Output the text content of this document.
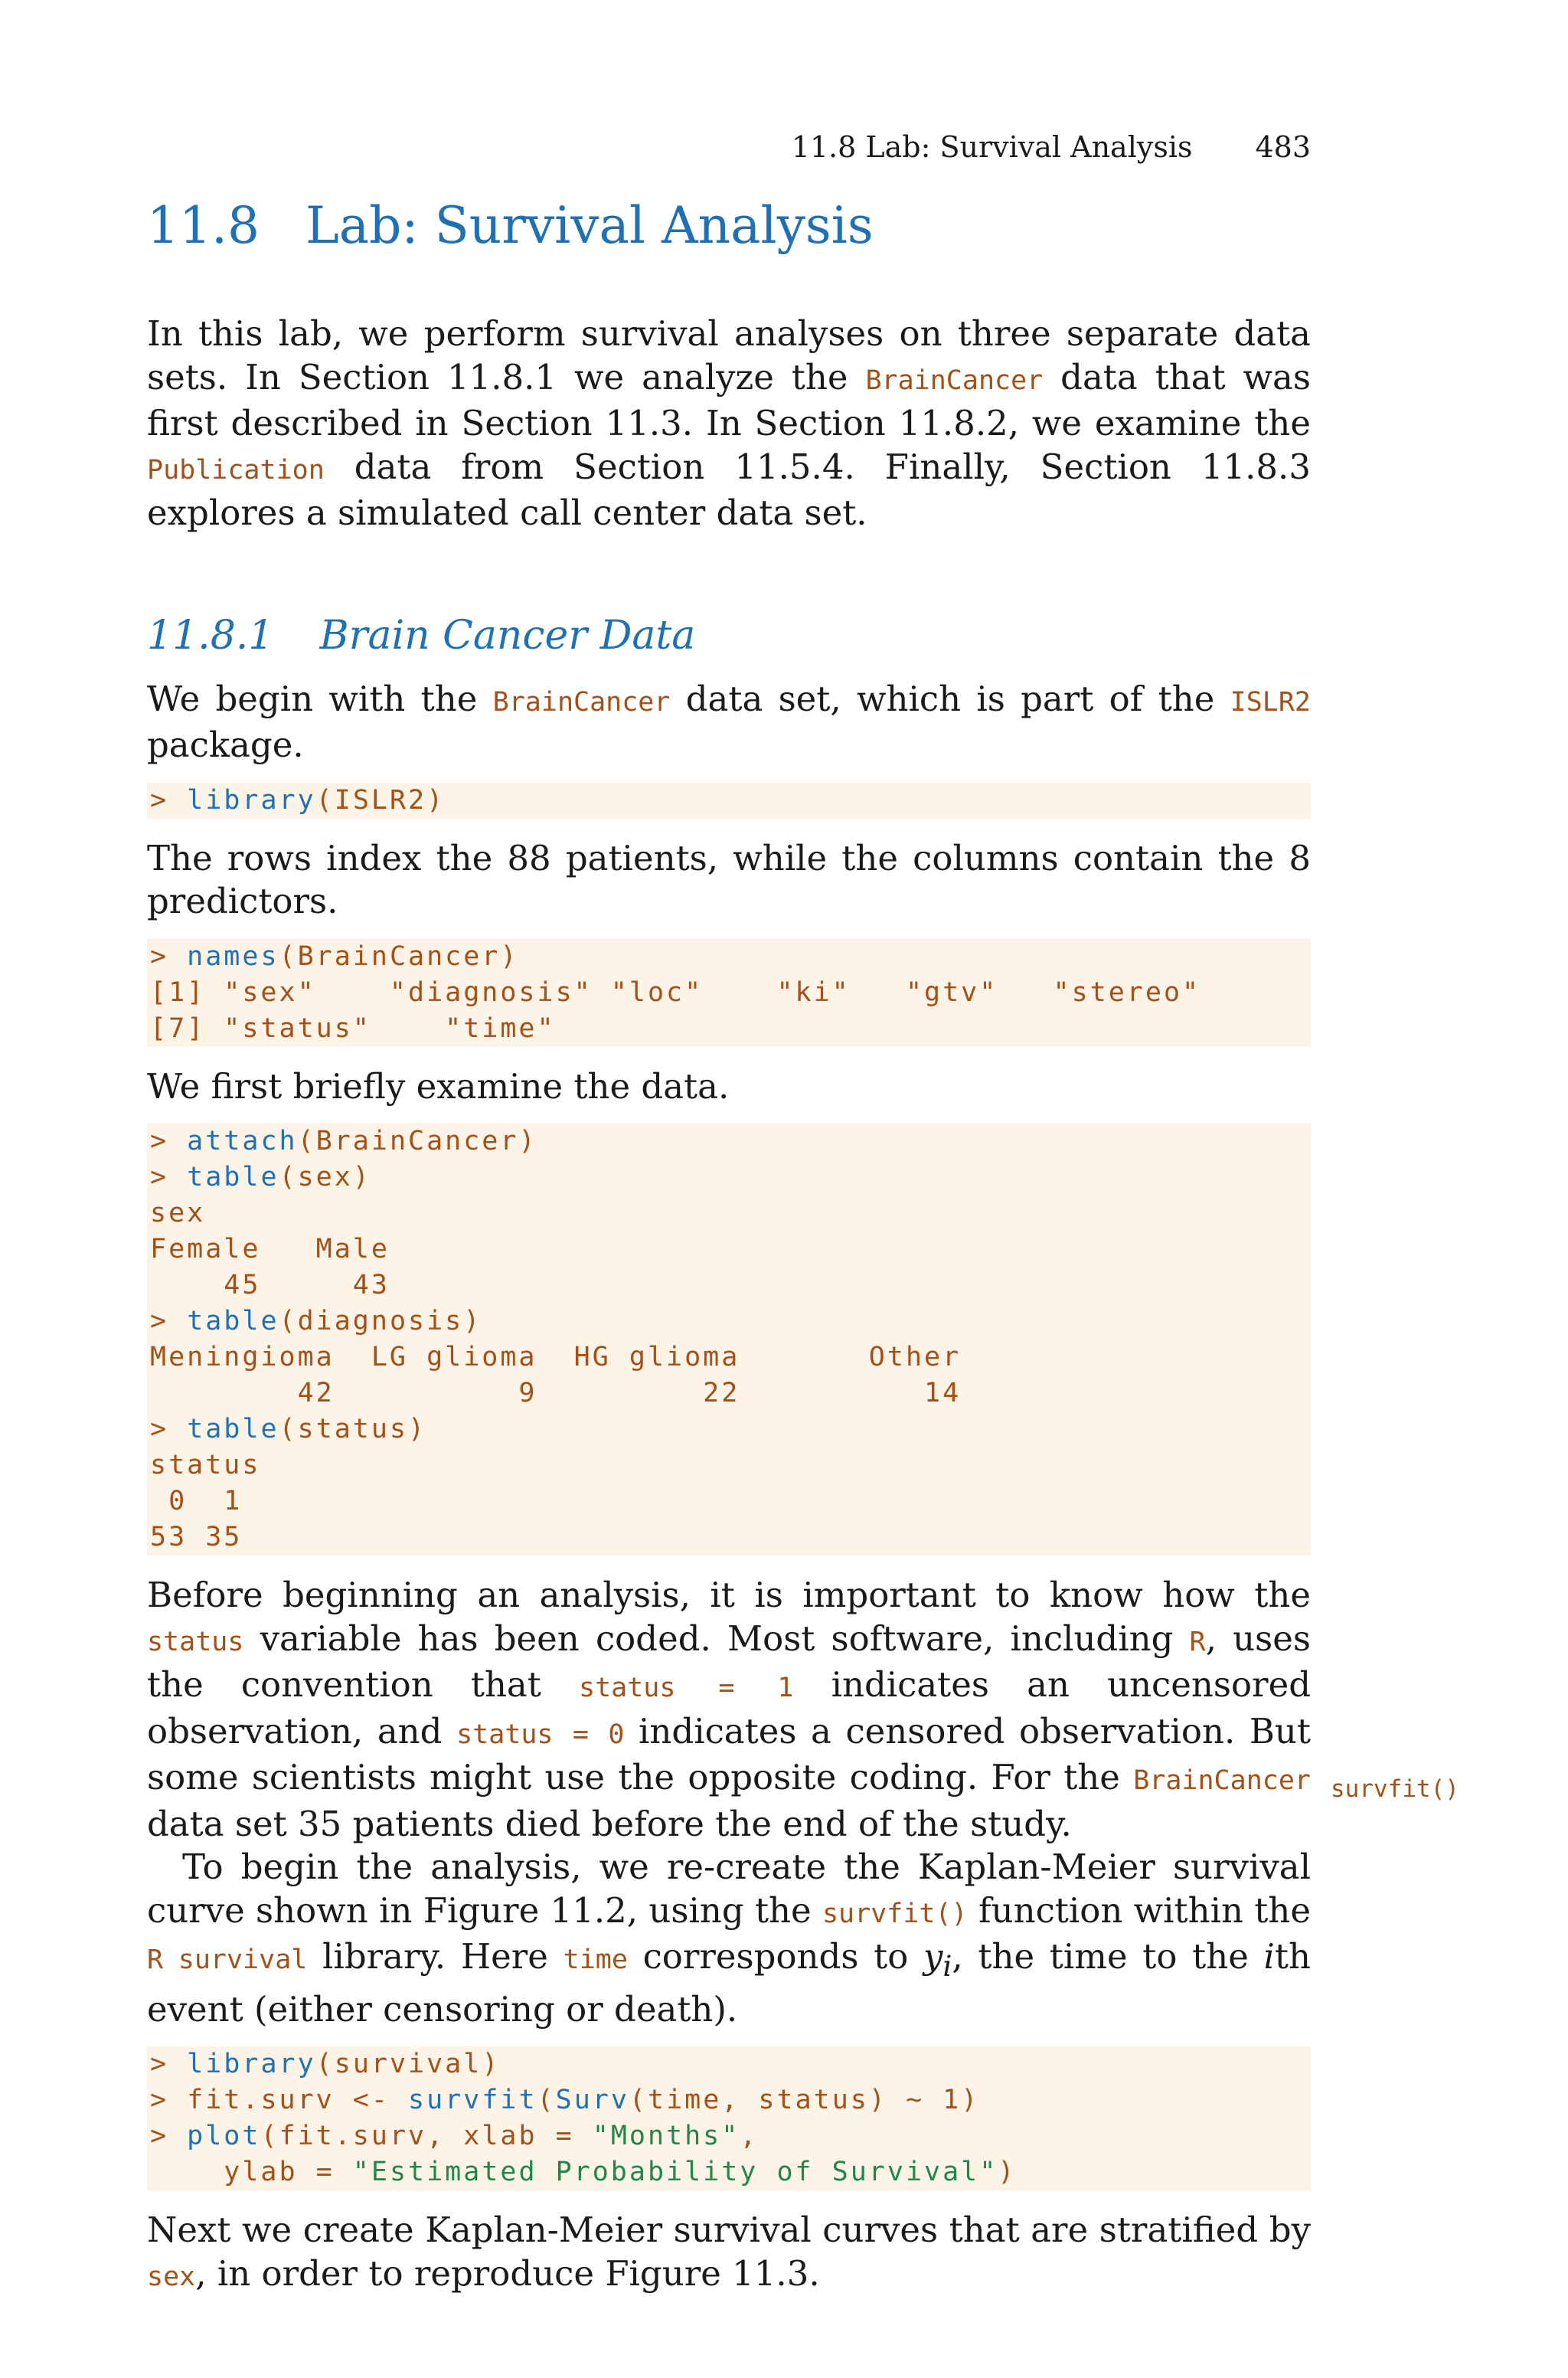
11.8 Lab: Survival Analysis 483
survfit()
11.8 Lab: Survival Analysis

In this lab, we perform survival analyses on three separate data sets. In Section 11.8.1 we analyze the BrainCancer data that was first described in Section 11.3. In Section 11.8.2, we examine the Publication data from Section 11.5.4. Finally, Section 11.8.3 explores a simulated call center data set.

11.8.1 Brain Cancer Data

We begin with the BrainCancer data set, which is part of the ISLR2 package.

> library(ISLR2)

The rows index the 88 patients, while the columns contain the 8 predictors.

> names(BrainCancer)
[1] "sex"    "diagnosis" "loc"    "ki"   "gtv"   "stereo"
[7] "status"    "time"

We first briefly examine the data.

> attach(BrainCancer)
> table(sex)
sex
Female   Male
45     43
> table(diagnosis)
Meningioma  LG glioma  HG glioma       Other
42          9         22          14
> table(status)
status
0  1
53 35

Before beginning an analysis, it is important to know how the status variable has been coded. Most software, including R, uses the convention that status = 1 indicates an uncensored observation, and status = 0 indicates a censored observation. But some scientists might use the opposite coding. For the BrainCancer data set 35 patients died before the end of the study.

To begin the analysis, we re-create the Kaplan-Meier survival curve shown in Figure 11.2, using the survfit() function within the R survival library. Here time corresponds to $y_i$, the time to the ith event (either censoring or death).

> library(survival)
> fit.surv <- survfit(Surv(time, status) ∼ 1)
> plot(fit.surv, xlab = "Months",
ylab = "Estimated Probability of Survival")

Next we create Kaplan-Meier survival curves that are stratified by sex, in order to reproduce Figure 11.3.
